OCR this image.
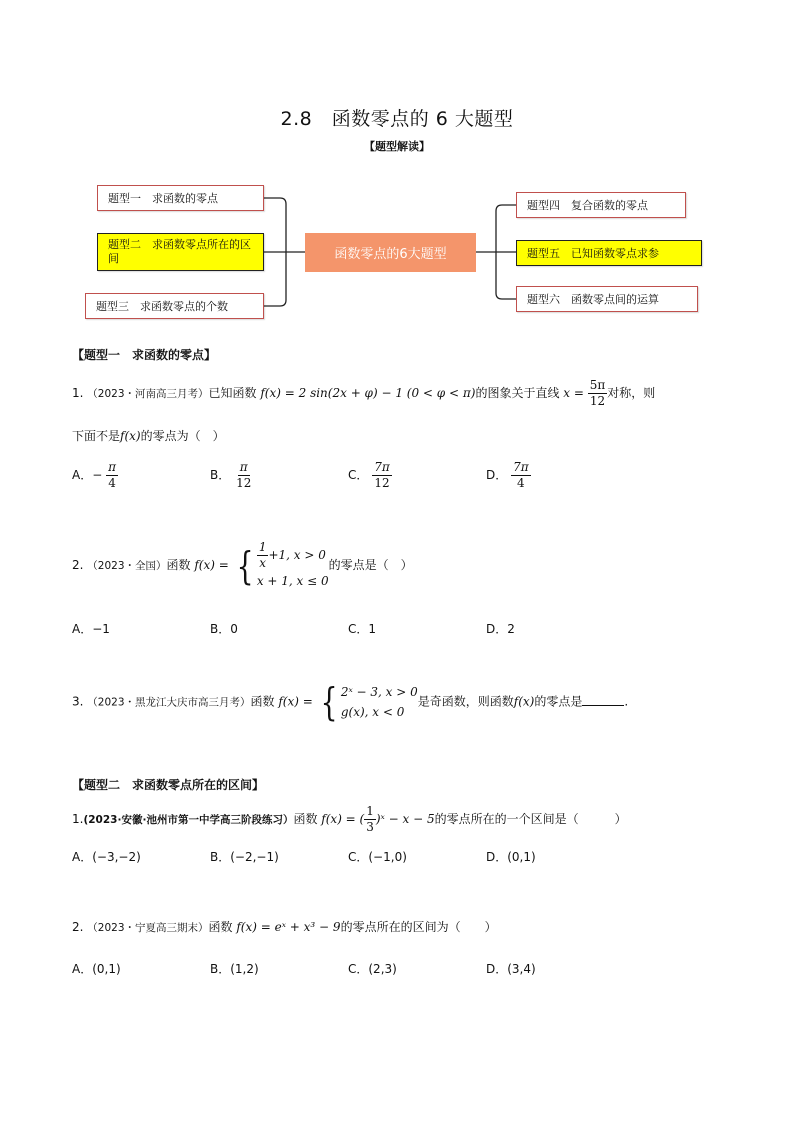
2.8　函数零点的 6 大题型
【题型解读】
题型一　求函数的零点
题型二　求函数零点所在的区间
题型三　求函数零点的个数
函数零点的6大题型
题型四　复合函数的零点
题型五　已知函数零点求参
题型六　函数零点间的运算
【题型一　求函数的零点】
1. （2023・河南高三月考）已知函数 f(x) = 2 sin(2x + φ) − 1 (0 < φ < π)的图象关于直线 $x = \frac{5\pi}{12}$ 对称，则
下面不是f(x)的零点为（　）
A．− $\frac{\pi}{4}$	B． $\frac{\pi}{12}$	C． $\frac{7\pi}{12}$	D． $\frac{7\pi}{4}$
2. （2023・全国）函数 f(x) = { $\frac{1}{x} +1$, x > 0
x + 1, x ≤ 0
的零点是（　）
A．−1	B．0	C．1	D．2
3. （2023・黑龙江大庆市高三月考）函数 f(x) = { 2ˣ − 3, x > 0
g(x), x < 0
是奇函数，则函数f(x)的零点是	.
【题型二　求函数零点所在的区间】
1.(2023·安徽·池州市第一中学高三阶段练习）函数 f(x) = ( $\frac{1}{3}$ )ˣ − x − 5的零点所在的一个区间是（　　　）
A．(−3,−2)	B．(−2,−1)	C．(−1,0)	D．(0,1)
2. （2023・宁夏高三期末）函数 f(x) = eˣ + x³ − 9的零点所在的区间为（　　）
A．(0,1)	B．(1,2)	C．(2,3)	D．(3,4)
